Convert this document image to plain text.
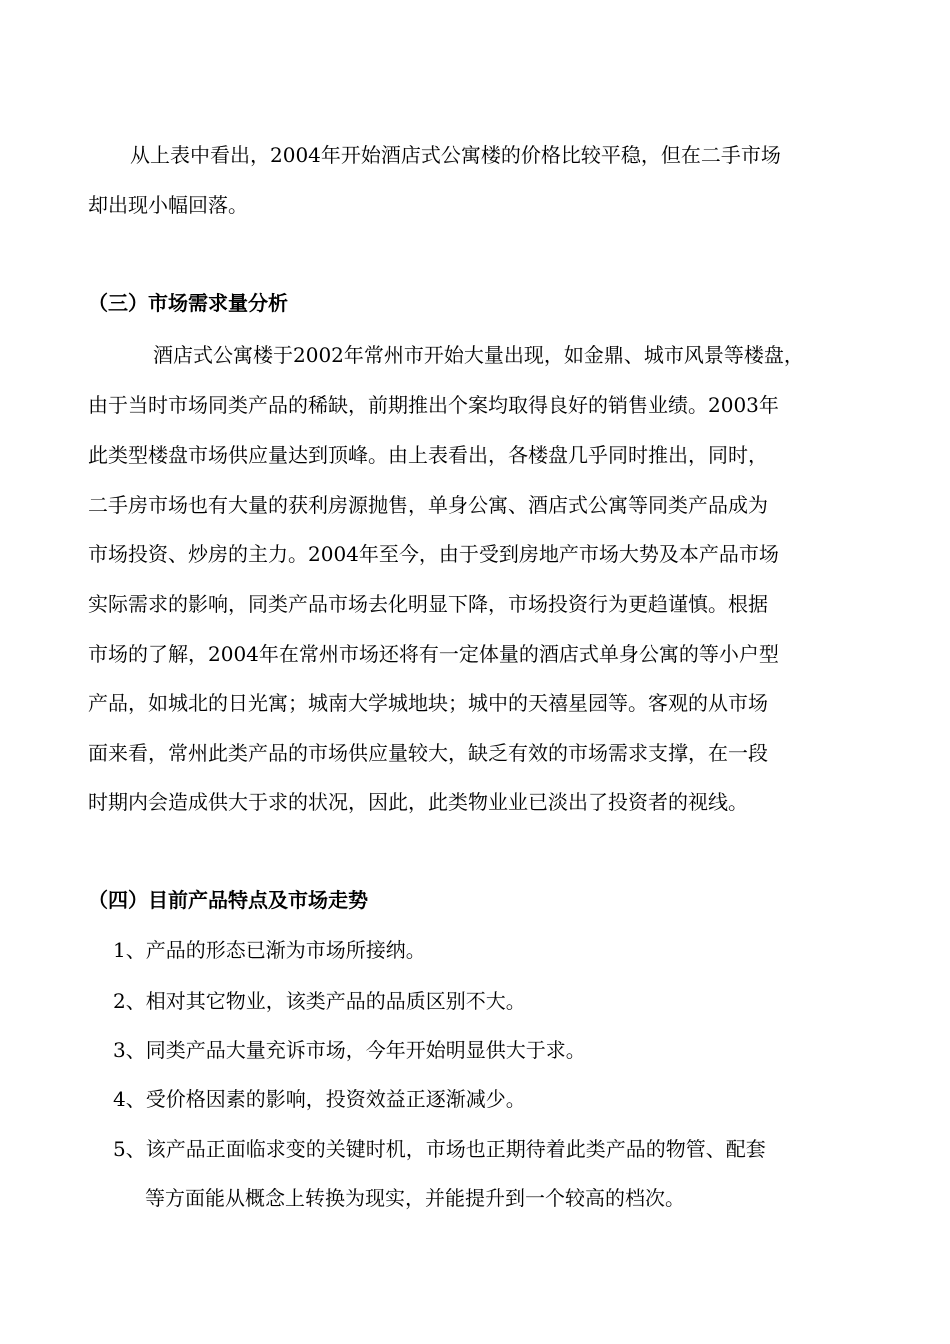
从上表中看出，2004年开始酒店式公寓楼的价格比较平稳，但在二手市场
却出现小幅回落。
（三）市场需求量分析
酒店式公寓楼于2002年常州市开始大量出现，如金鼎、城市风景等楼盘，
由于当时市场同类产品的稀缺，前期推出个案均取得良好的销售业绩。2003年
此类型楼盘市场供应量达到顶峰。由上表看出，各楼盘几乎同时推出，同时，
二手房市场也有大量的获利房源抛售，单身公寓、酒店式公寓等同类产品成为
市场投资、炒房的主力。2004年至今，由于受到房地产市场大势及本产品市场
实际需求的影响，同类产品市场去化明显下降，市场投资行为更趋谨慎。根据
市场的了解，2004年在常州市场还将有一定体量的酒店式单身公寓的等小户型
产品，如城北的日光寓；城南大学城地块；城中的天禧星园等。客观的从市场
面来看，常州此类产品的市场供应量较大，缺乏有效的市场需求支撑，在一段
时期内会造成供大于求的状况，因此，此类物业业已淡出了投资者的视线。
（四）目前产品特点及市场走势
1、产品的形态已渐为市场所接纳。
2、相对其它物业，该类产品的品质区别不大。
3、同类产品大量充诉市场，今年开始明显供大于求。
4、受价格因素的影响，投资效益正逐渐减少。
5、该产品正面临求变的关键时机，市场也正期待着此类产品的物管、配套
等方面能从概念上转换为现实，并能提升到一个较高的档次。
